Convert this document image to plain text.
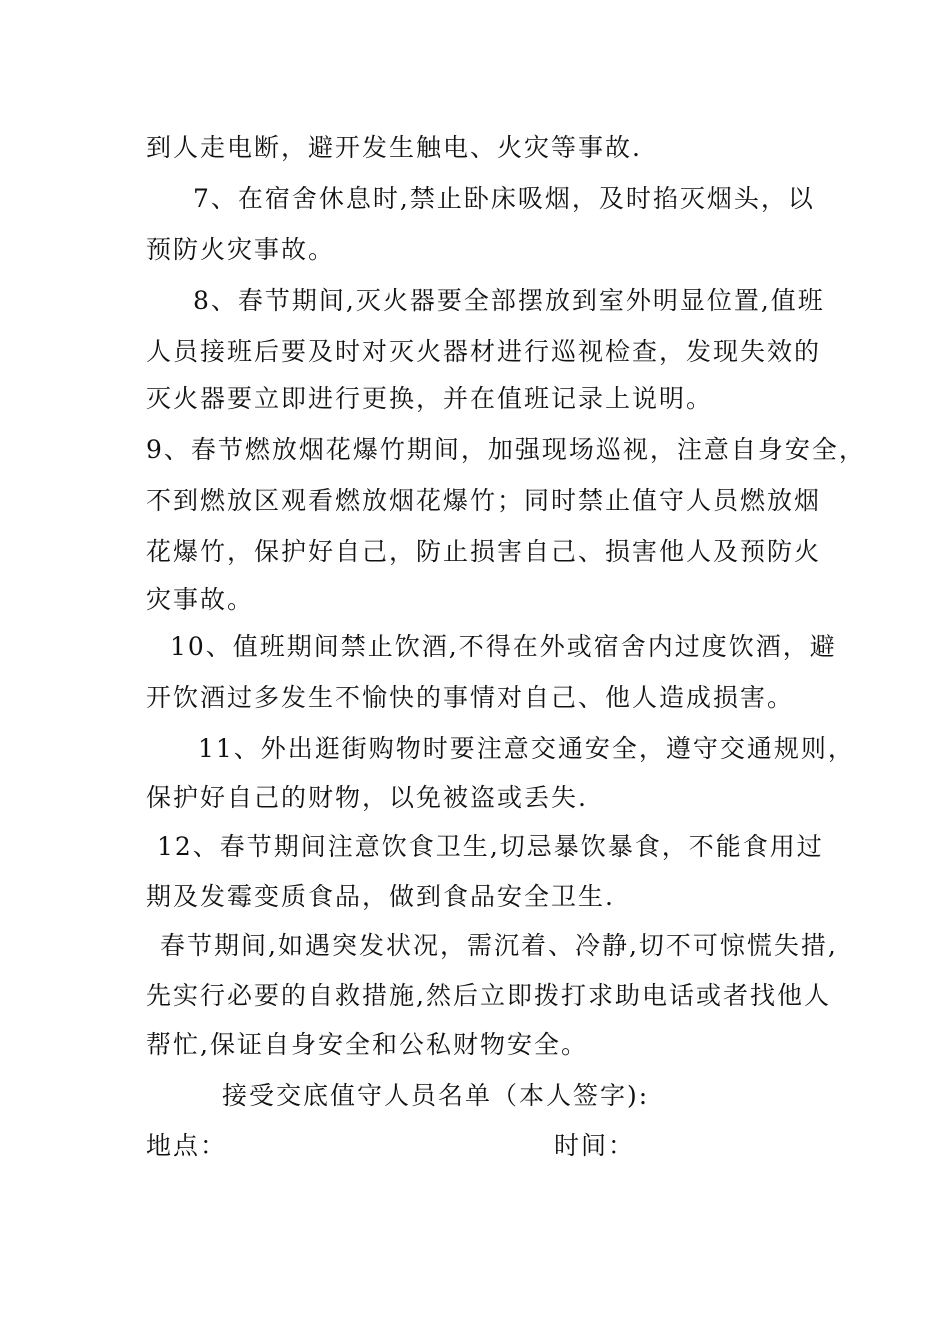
到人走电断，避开发生触电、火灾等事故.
7、在宿舍休息时,禁止卧床吸烟，及时掐灭烟头，以
预防火灾事故。
8、春节期间,灭火器要全部摆放到室外明显位置,值班
人员接班后要及时对灭火器材进行巡视检查，发现失效的
灭火器要立即进行更换，并在值班记录上说明。
9、春节燃放烟花爆竹期间，加强现场巡视，注意自身安全，
不到燃放区观看燃放烟花爆竹；同时禁止值守人员燃放烟
花爆竹，保护好自己，防止损害自己、损害他人及预防火
灾事故。
10、值班期间禁止饮酒,不得在外或宿舍内过度饮酒，避
开饮酒过多发生不愉快的事情对自己、他人造成损害。
11、外出逛街购物时要注意交通安全，遵守交通规则，
保护好自己的财物，以免被盗或丢失.
12、春节期间注意饮食卫生,切忌暴饮暴食，不能食用过
期及发霉变质食品，做到食品安全卫生.
春节期间,如遇突发状况，需沉着、冷静,切不可惊慌失措,
先实行必要的自救措施,然后立即拨打求助电话或者找他人
帮忙,保证自身安全和公私财物安全。
接受交底值守人员名单（本人签字):
地点：	时间：
